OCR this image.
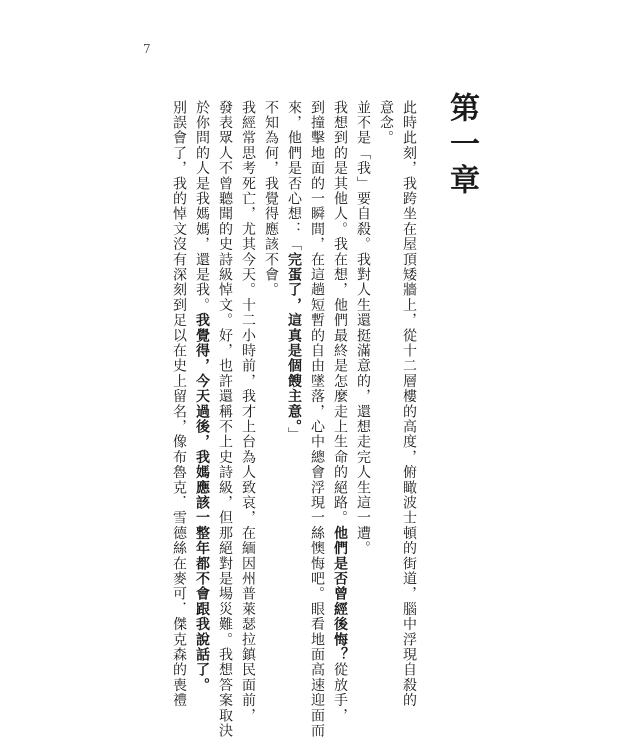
7
第一章
此時此刻，我跨坐在屋頂矮牆上，從十二層樓的高度，俯瞰波士頓的街道，腦中浮現自殺的
意念。
並不是「我」要自殺。我對人生還挺滿意的，還想走完人生這一遭。
我想到的是其他人。我在想，他們最終是怎麼走上生命的絕路。他們是否曾經後悔？從放手，
到撞擊地面的一瞬間，在這趟短暫的自由墜落，心中總會浮現一絲懊悔吧。眼看地面高速迎面而
來，他們是否心想：「完蛋了，這真是個餿主意。」
不知為何，我覺得應該不會。
我經常思考死亡，尤其今天。十二小時前，我才上台為人致哀，在緬因州普萊瑟拉鎮民面前，
發表眾人不曾聽聞的史詩級悼文。好，也許還稱不上史詩級，但那絕對是場災難。我想答案取決
於你問的人是我媽媽，還是我。我覺得，今天過後，我媽應該一整年都不會跟我說話了。
別誤會了，我的悼文沒有深刻到足以在史上留名，像布魯克．雪德絲在麥可．傑克森的喪禮
